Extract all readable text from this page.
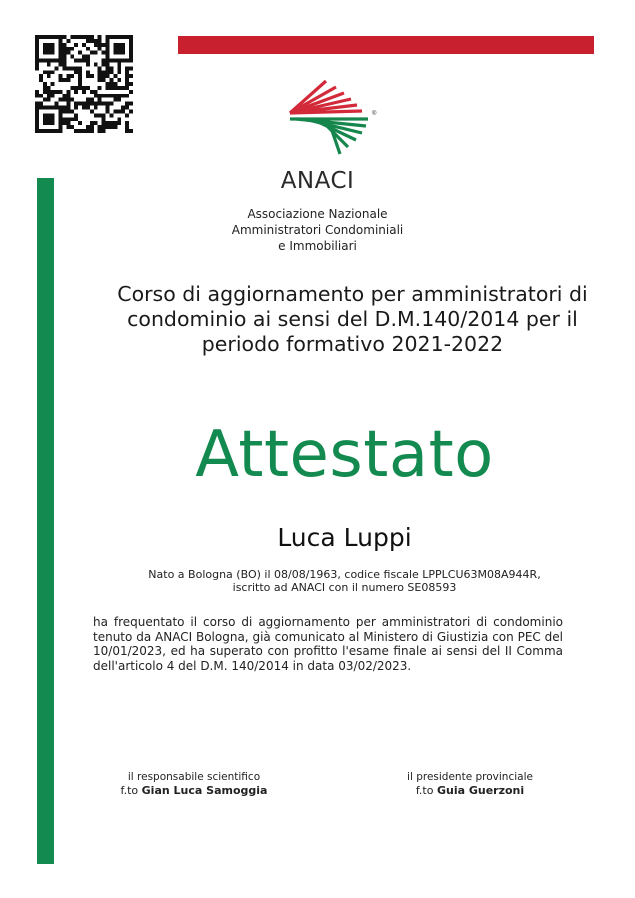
®
ANACI
Associazione Nazionale
Amministratori Condominiali
e Immobiliari
Corso di aggiornamento per amministratori di
condominio ai sensi del D.M.140/2014 per il
periodo formativo 2021-2022
Attestato
Luca Luppi
Nato a Bologna (BO) il 08/08/1963, codice fiscale LPPLCU63M08A944R,
iscritto ad ANACI con il numero SE08593
ha frequentato il corso di aggiornamento per amministratori di condominio tenuto da ANACI Bologna, già comunicato al Ministero di Giustizia con PEC del 10/01/2023, ed ha superato con profitto l'esame finale ai sensi del II Comma dell'articolo 4 del D.M. 140/2014 in data 03/02/2023.
il responsabile scientifico
f.to Gian Luca Samoggia
il presidente provinciale
f.to Guia Guerzoni
